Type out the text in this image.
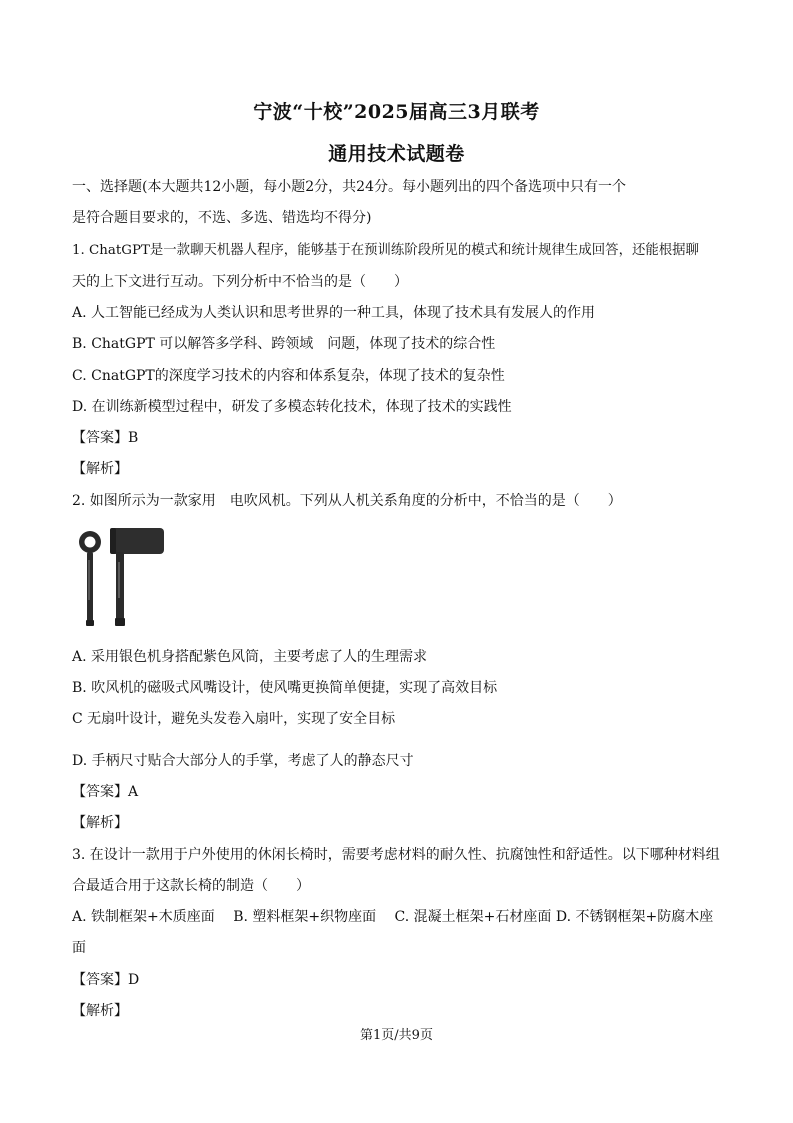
宁波“十校”2025届高三3月联考
通用技术试题卷
一、选择题(本大题共12小题，每小题2分，共24分。每小题列出的四个备选项中只有一个
是符合题目要求的，不选、多选、错选均不得分)
1. ChatGPT是一款聊天机器人程序，能够基于在预训练阶段所见的模式和统计规律生成回答，还能根据聊
天的上下文进行互动。下列分析中不恰当的是（　　）
A. 人工智能已经成为人类认识和思考世界的一种工具，体现了技术具有发展人的作用
B. ChatGPT 可以解答多学科、跨领域　问题，体现了技术的综合性
C. CnatGPT的深度学习技术的内容和体系复杂，体现了技术的复杂性
D. 在训练新模型过程中，研发了多模态转化技术，体现了技术的实践性
【答案】B
【解析】
2. 如图所示为一款家用　电吹风机。下列从人机关系角度的分析中，不恰当的是（　　）
A. 采用银色机身搭配紫色风筒，主要考虑了人的生理需求
B. 吹风机的磁吸式风嘴设计，使风嘴更换简单便捷，实现了高效目标
C 无扇叶设计，避免头发卷入扇叶，实现了安全目标
D. 手柄尺寸贴合大部分人的手掌，考虑了人的静态尺寸
【答案】A
【解析】
3. 在设计一款用于户外使用的休闲长椅时，需要考虑材料的耐久性、抗腐蚀性和舒适性。以下哪种材料组
合最适合用于这款长椅的制造（　　）
A. 铁制框架+木质座面　 B. 塑料框架+织物座面　 C. 混凝土框架+石材座面 D. 不锈钢框架+防腐木座
面
【答案】D
【解析】
第1页/共9页
